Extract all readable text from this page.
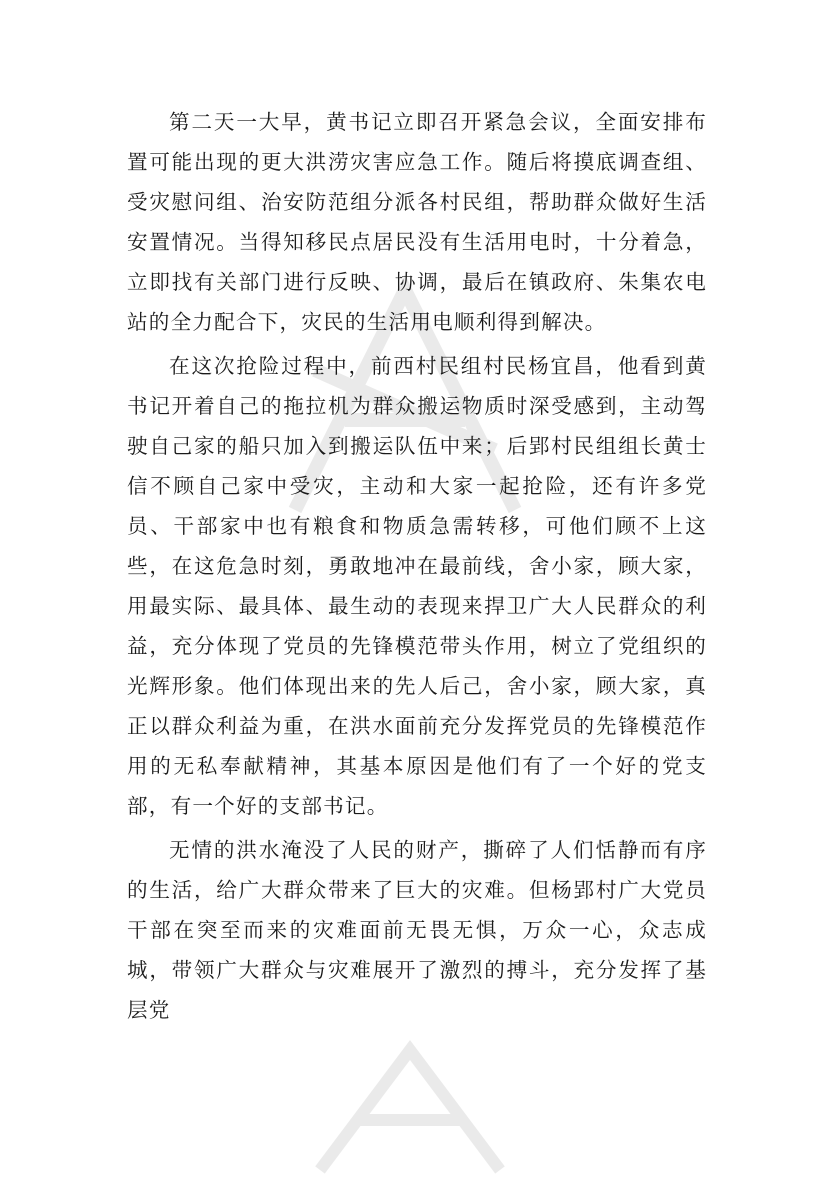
第二天一大早，黄书记立即召开紧急会议，全面安排布置可能出现的更大洪涝灾害应急工作。随后将摸底调查组、受灾慰问组、治安防范组分派各村民组，帮助群众做好生活安置情况。当得知移民点居民没有生活用电时，十分着急，立即找有关部门进行反映、协调，最后在镇政府、朱集农电站的全力配合下，灾民的生活用电顺利得到解决。

在这次抢险过程中，前西村民组村民杨宜昌，他看到黄书记开着自己的拖拉机为群众搬运物质时深受感到，主动驾驶自己家的船只加入到搬运队伍中来；后郢村民组组长黄士信不顾自己家中受灾，主动和大家一起抢险，还有许多党员、干部家中也有粮食和物质急需转移，可他们顾不上这些，在这危急时刻，勇敢地冲在最前线，舍小家，顾大家，用最实际、最具体、最生动的表现来捍卫广大人民群众的利益，充分体现了党员的先锋模范带头作用，树立了党组织的光辉形象。他们体现出来的先人后己，舍小家，顾大家，真正以群众利益为重，在洪水面前充分发挥党员的先锋模范作用的无私奉献精神，其基本原因是他们有了一个好的党支部，有一个好的支部书记。

无情的洪水淹没了人民的财产，撕碎了人们恬静而有序的生活，给广大群众带来了巨大的灾难。但杨郢村广大党员干部在突至而来的灾难面前无畏无惧，万众一心，众志成城，带领广大群众与灾难展开了激烈的搏斗，充分发挥了基层党
